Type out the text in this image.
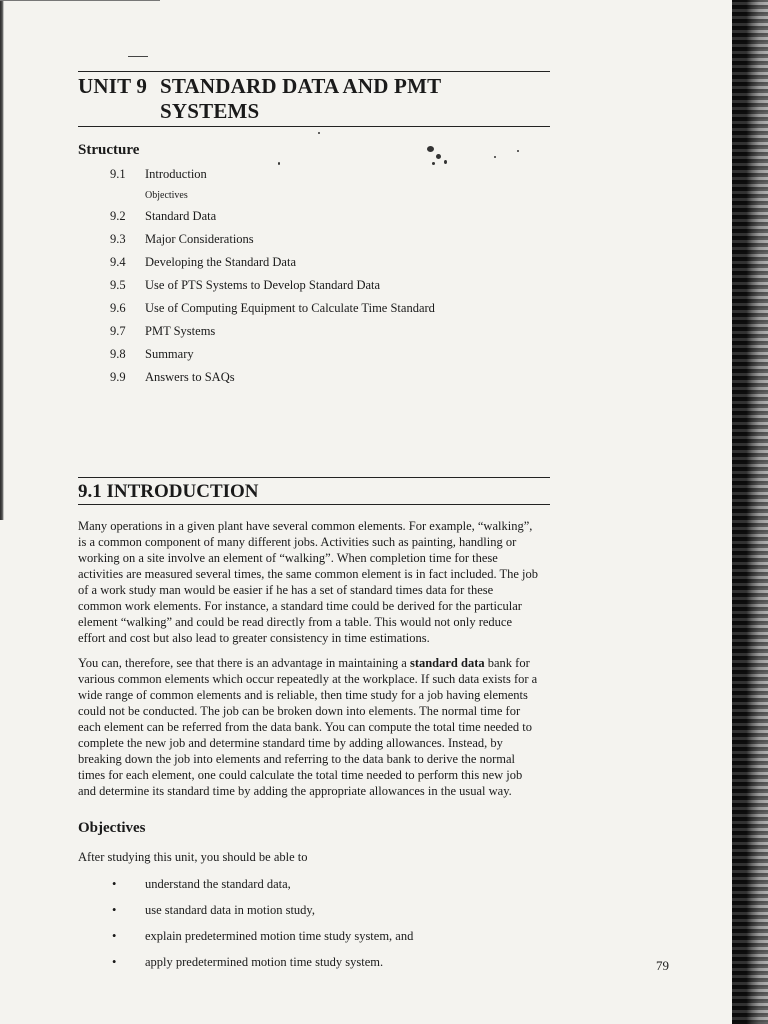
UNIT 9 STANDARD DATA AND PMT
SYSTEMS
Structure
9.1 Introduction
Objectives
9.2 Standard Data
9.3 Major Considerations
9.4 Developing the Standard Data
9.5 Use of PTS Systems to Develop Standard Data
9.6 Use of Computing Equipment to Calculate Time Standard
9.7 PMT Systems
9.8 Summary
9.9 Answers to SAQs
9.1 INTRODUCTION

Many operations in a given plant have several common elements. For example, “walking”, is a common component of many different jobs. Activities such as painting, handling or working on a site involve an element of “walking”. When completion time for these activities are measured several times, the same common element is in fact included. The job of a work study man would be easier if he has a set of standard times data for these common work elements. For instance, a standard time could be derived for the particular element “walking” and could be read directly from a table. This would not only reduce effort and cost but also lead to greater consistency in time estimations.

You can, therefore, see that there is an advantage in maintaining a standard data bank for various common elements which occur repeatedly at the workplace. If such data exists for a wide range of common elements and is reliable, then time study for a job having elements could not be conducted. The job can be broken down into elements. The normal time for each element can be referred from the data bank. You can compute the total time needed to complete the new job and determine standard time by adding allowances. Instead, by breaking down the job into elements and referring to the data bank to derive the normal times for each element, one could calculate the total time needed to perform this new job and determine its standard time by adding the appropriate allowances in the usual way.

Objectives
After studying this unit, you should be able to
• understand the standard data,
• use standard data in motion study,
• explain predetermined motion time study system, and
• apply predetermined motion time study system.	79
